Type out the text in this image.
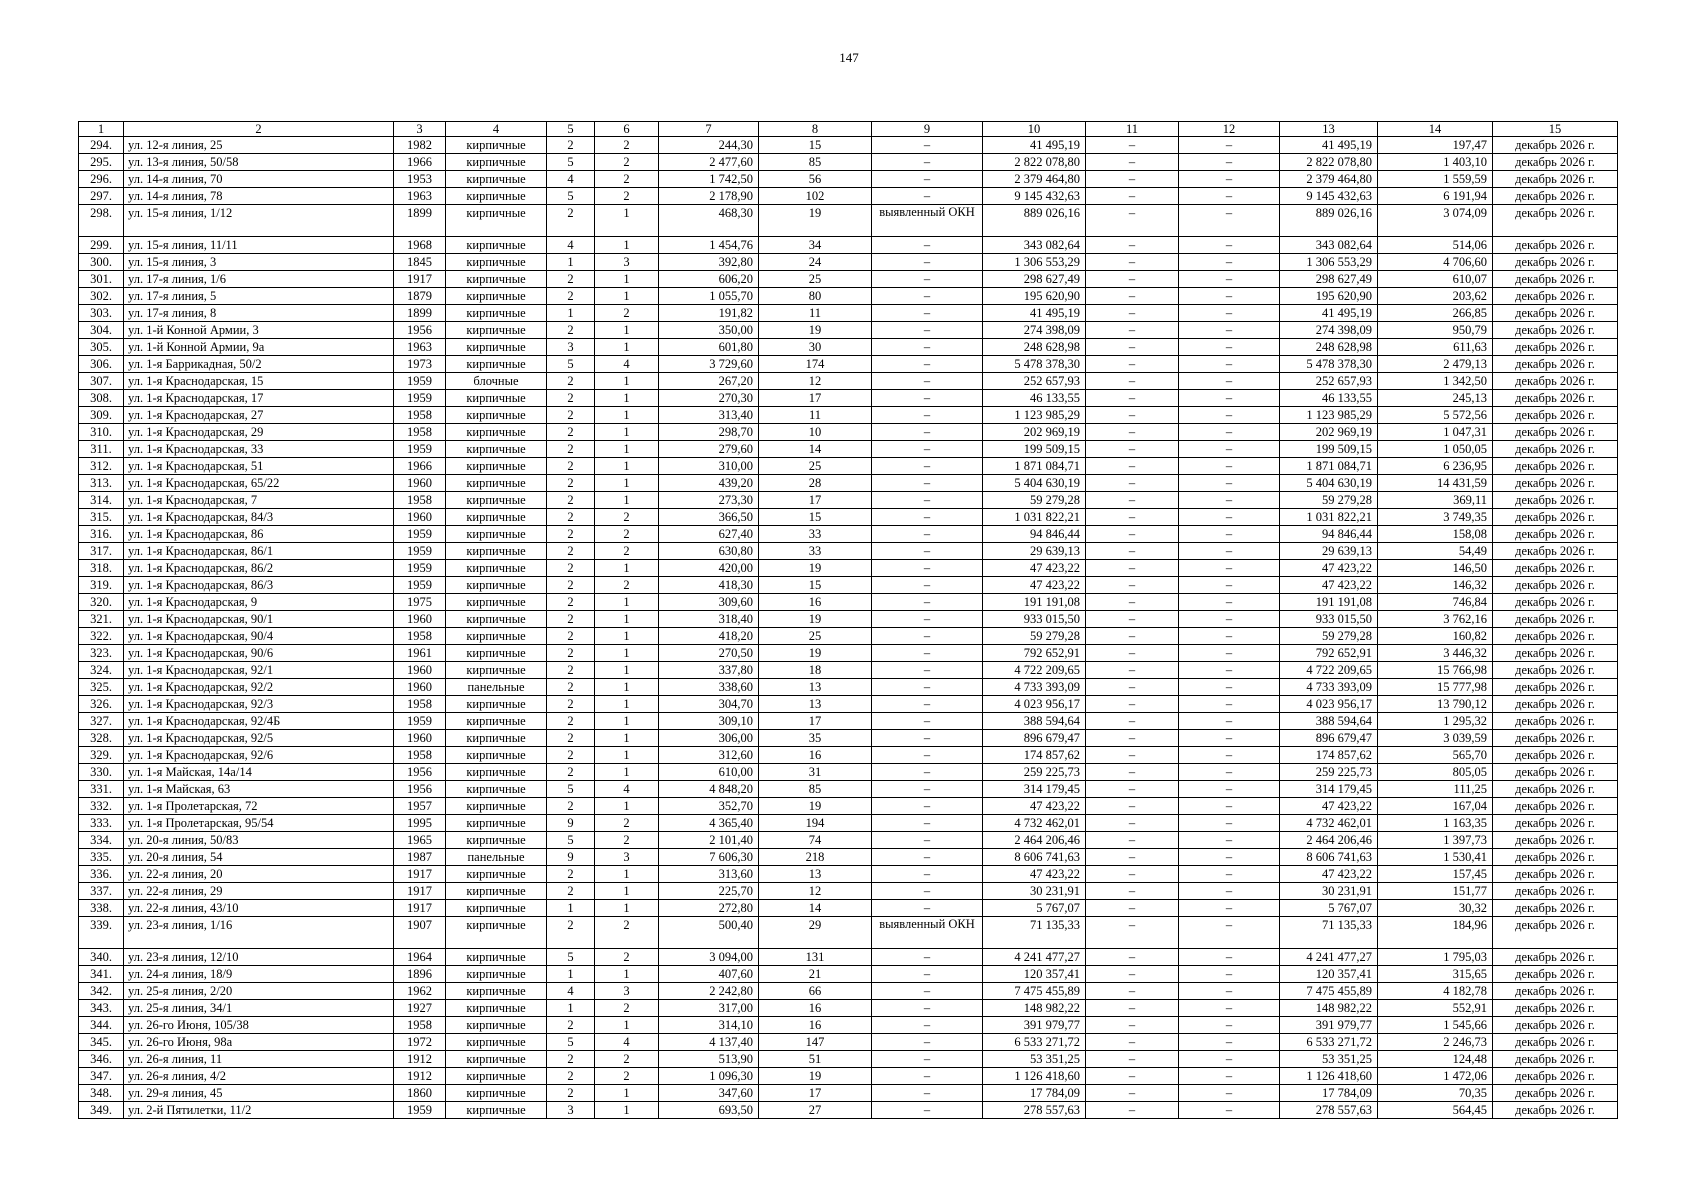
147
1	2	3	4	5	6	7	8	9	10	11	12	13	14	15
294.	ул. 12-я линия, 25	1982	кирпичные	2	2	244,30	15	–	41 495,19	–	–	41 495,19	197,47	декабрь 2026 г.
295.	ул. 13-я линия, 50/58	1966	кирпичные	5	2	2 477,60	85	–	2 822 078,80	–	–	2 822 078,80	1 403,10	декабрь 2026 г.
296.	ул. 14-я линия, 70	1953	кирпичные	4	2	1 742,50	56	–	2 379 464,80	–	–	2 379 464,80	1 559,59	декабрь 2026 г.
297.	ул. 14-я линия, 78	1963	кирпичные	5	2	2 178,90	102	–	9 145 432,63	–	–	9 145 432,63	6 191,94	декабрь 2026 г.
298.	ул. 15-я линия, 1/12	1899	кирпичные	2	1	468,30	19	выявленный ОКН	889 026,16	–	–	889 026,16	3 074,09	декабрь 2026 г.
299.	ул. 15-я линия, 11/11	1968	кирпичные	4	1	1 454,76	34	–	343 082,64	–	–	343 082,64	514,06	декабрь 2026 г.
300.	ул. 15-я линия, 3	1845	кирпичные	1	3	392,80	24	–	1 306 553,29	–	–	1 306 553,29	4 706,60	декабрь 2026 г.
301.	ул. 17-я линия, 1/6	1917	кирпичные	2	1	606,20	25	–	298 627,49	–	–	298 627,49	610,07	декабрь 2026 г.
302.	ул. 17-я линия, 5	1879	кирпичные	2	1	1 055,70	80	–	195 620,90	–	–	195 620,90	203,62	декабрь 2026 г.
303.	ул. 17-я линия, 8	1899	кирпичные	1	2	191,82	11	–	41 495,19	–	–	41 495,19	266,85	декабрь 2026 г.
304.	ул. 1-й Конной Армии, 3	1956	кирпичные	2	1	350,00	19	–	274 398,09	–	–	274 398,09	950,79	декабрь 2026 г.
305.	ул. 1-й Конной Армии, 9а	1963	кирпичные	3	1	601,80	30	–	248 628,98	–	–	248 628,98	611,63	декабрь 2026 г.
306.	ул. 1-я Баррикадная, 50/2	1973	кирпичные	5	4	3 729,60	174	–	5 478 378,30	–	–	5 478 378,30	2 479,13	декабрь 2026 г.
307.	ул. 1-я Краснодарская, 15	1959	блочные	2	1	267,20	12	–	252 657,93	–	–	252 657,93	1 342,50	декабрь 2026 г.
308.	ул. 1-я Краснодарская, 17	1959	кирпичные	2	1	270,30	17	–	46 133,55	–	–	46 133,55	245,13	декабрь 2026 г.
309.	ул. 1-я Краснодарская, 27	1958	кирпичные	2	1	313,40	11	–	1 123 985,29	–	–	1 123 985,29	5 572,56	декабрь 2026 г.
310.	ул. 1-я Краснодарская, 29	1958	кирпичные	2	1	298,70	10	–	202 969,19	–	–	202 969,19	1 047,31	декабрь 2026 г.
311.	ул. 1-я Краснодарская, 33	1959	кирпичные	2	1	279,60	14	–	199 509,15	–	–	199 509,15	1 050,05	декабрь 2026 г.
312.	ул. 1-я Краснодарская, 51	1966	кирпичные	2	1	310,00	25	–	1 871 084,71	–	–	1 871 084,71	6 236,95	декабрь 2026 г.
313.	ул. 1-я Краснодарская, 65/22	1960	кирпичные	2	1	439,20	28	–	5 404 630,19	–	–	5 404 630,19	14 431,59	декабрь 2026 г.
314.	ул. 1-я Краснодарская, 7	1958	кирпичные	2	1	273,30	17	–	59 279,28	–	–	59 279,28	369,11	декабрь 2026 г.
315.	ул. 1-я Краснодарская, 84/3	1960	кирпичные	2	2	366,50	15	–	1 031 822,21	–	–	1 031 822,21	3 749,35	декабрь 2026 г.
316.	ул. 1-я Краснодарская, 86	1959	кирпичные	2	2	627,40	33	–	94 846,44	–	–	94 846,44	158,08	декабрь 2026 г.
317.	ул. 1-я Краснодарская, 86/1	1959	кирпичные	2	2	630,80	33	–	29 639,13	–	–	29 639,13	54,49	декабрь 2026 г.
318.	ул. 1-я Краснодарская, 86/2	1959	кирпичные	2	1	420,00	19	–	47 423,22	–	–	47 423,22	146,50	декабрь 2026 г.
319.	ул. 1-я Краснодарская, 86/3	1959	кирпичные	2	2	418,30	15	–	47 423,22	–	–	47 423,22	146,32	декабрь 2026 г.
320.	ул. 1-я Краснодарская, 9	1975	кирпичные	2	1	309,60	16	–	191 191,08	–	–	191 191,08	746,84	декабрь 2026 г.
321.	ул. 1-я Краснодарская, 90/1	1960	кирпичные	2	1	318,40	19	–	933 015,50	–	–	933 015,50	3 762,16	декабрь 2026 г.
322.	ул. 1-я Краснодарская, 90/4	1958	кирпичные	2	1	418,20	25	–	59 279,28	–	–	59 279,28	160,82	декабрь 2026 г.
323.	ул. 1-я Краснодарская, 90/6	1961	кирпичные	2	1	270,50	19	–	792 652,91	–	–	792 652,91	3 446,32	декабрь 2026 г.
324.	ул. 1-я Краснодарская, 92/1	1960	кирпичные	2	1	337,80	18	–	4 722 209,65	–	–	4 722 209,65	15 766,98	декабрь 2026 г.
325.	ул. 1-я Краснодарская, 92/2	1960	панельные	2	1	338,60	13	–	4 733 393,09	–	–	4 733 393,09	15 777,98	декабрь 2026 г.
326.	ул. 1-я Краснодарская, 92/3	1958	кирпичные	2	1	304,70	13	–	4 023 956,17	–	–	4 023 956,17	13 790,12	декабрь 2026 г.
327.	ул. 1-я Краснодарская, 92/4Б	1959	кирпичные	2	1	309,10	17	–	388 594,64	–	–	388 594,64	1 295,32	декабрь 2026 г.
328.	ул. 1-я Краснодарская, 92/5	1960	кирпичные	2	1	306,00	35	–	896 679,47	–	–	896 679,47	3 039,59	декабрь 2026 г.
329.	ул. 1-я Краснодарская, 92/6	1958	кирпичные	2	1	312,60	16	–	174 857,62	–	–	174 857,62	565,70	декабрь 2026 г.
330.	ул. 1-я Майская, 14а/14	1956	кирпичные	2	1	610,00	31	–	259 225,73	–	–	259 225,73	805,05	декабрь 2026 г.
331.	ул. 1-я Майская, 63	1956	кирпичные	5	4	4 848,20	85	–	314 179,45	–	–	314 179,45	111,25	декабрь 2026 г.
332.	ул. 1-я Пролетарская, 72	1957	кирпичные	2	1	352,70	19	–	47 423,22	–	–	47 423,22	167,04	декабрь 2026 г.
333.	ул. 1-я Пролетарская, 95/54	1995	кирпичные	9	2	4 365,40	194	–	4 732 462,01	–	–	4 732 462,01	1 163,35	декабрь 2026 г.
334.	ул. 20-я линия, 50/83	1965	кирпичные	5	2	2 101,40	74	–	2 464 206,46	–	–	2 464 206,46	1 397,73	декабрь 2026 г.
335.	ул. 20-я линия, 54	1987	панельные	9	3	7 606,30	218	–	8 606 741,63	–	–	8 606 741,63	1 530,41	декабрь 2026 г.
336.	ул. 22-я линия, 20	1917	кирпичные	2	1	313,60	13	–	47 423,22	–	–	47 423,22	157,45	декабрь 2026 г.
337.	ул. 22-я линия, 29	1917	кирпичные	2	1	225,70	12	–	30 231,91	–	–	30 231,91	151,77	декабрь 2026 г.
338.	ул. 22-я линия, 43/10	1917	кирпичные	1	1	272,80	14	–	5 767,07	–	–	5 767,07	30,32	декабрь 2026 г.
339.	ул. 23-я линия, 1/16	1907	кирпичные	2	2	500,40	29	выявленный ОКН	71 135,33	–	–	71 135,33	184,96	декабрь 2026 г.
340.	ул. 23-я линия, 12/10	1964	кирпичные	5	2	3 094,00	131	–	4 241 477,27	–	–	4 241 477,27	1 795,03	декабрь 2026 г.
341.	ул. 24-я линия, 18/9	1896	кирпичные	1	1	407,60	21	–	120 357,41	–	–	120 357,41	315,65	декабрь 2026 г.
342.	ул. 25-я линия, 2/20	1962	кирпичные	4	3	2 242,80	66	–	7 475 455,89	–	–	7 475 455,89	4 182,78	декабрь 2026 г.
343.	ул. 25-я линия, 34/1	1927	кирпичные	1	2	317,00	16	–	148 982,22	–	–	148 982,22	552,91	декабрь 2026 г.
344.	ул. 26-го Июня, 105/38	1958	кирпичные	2	1	314,10	16	–	391 979,77	–	–	391 979,77	1 545,66	декабрь 2026 г.
345.	ул. 26-го Июня, 98а	1972	кирпичные	5	4	4 137,40	147	–	6 533 271,72	–	–	6 533 271,72	2 246,73	декабрь 2026 г.
346.	ул. 26-я линия, 11	1912	кирпичные	2	2	513,90	51	–	53 351,25	–	–	53 351,25	124,48	декабрь 2026 г.
347.	ул. 26-я линия, 4/2	1912	кирпичные	2	2	1 096,30	19	–	1 126 418,60	–	–	1 126 418,60	1 472,06	декабрь 2026 г.
348.	ул. 29-я линия, 45	1860	кирпичные	2	1	347,60	17	–	17 784,09	–	–	17 784,09	70,35	декабрь 2026 г.
349.	ул. 2-й Пятилетки, 11/2	1959	кирпичные	3	1	693,50	27	–	278 557,63	–	–	278 557,63	564,45	декабрь 2026 г.
